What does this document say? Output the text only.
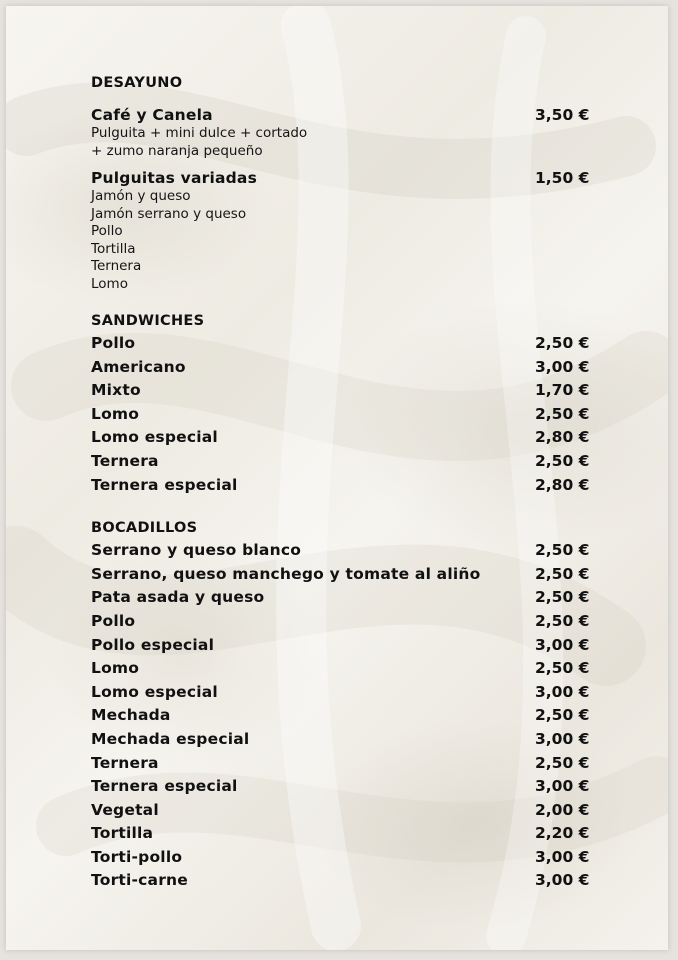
DESAYUNO
Café y Canela	3,50 €
Pulguita + mini dulce + cortado
+ zumo naranja pequeño
Pulguitas variadas	1,50 €
Jamón y queso
Jamón serrano y queso
Pollo
Tortilla
Ternera
Lomo
SANDWICHES
Pollo	2,50 €
Americano	3,00 €
Mixto	1,70 €
Lomo	2,50 €
Lomo especial	2,80 €
Ternera	2,50 €
Ternera especial	2,80 €
BOCADILLOS
Serrano y queso blanco	2,50 €
Serrano, queso manchego y tomate al aliño	2,50 €
Pata asada y queso	2,50 €
Pollo	2,50 €
Pollo especial	3,00 €
Lomo	2,50 €
Lomo especial	3,00 €
Mechada	2,50 €
Mechada especial	3,00 €
Ternera	2,50 €
Ternera especial	3,00 €
Vegetal	2,00 €
Tortilla	2,20 €
Torti-pollo	3,00 €
Torti-carne	3,00 €
